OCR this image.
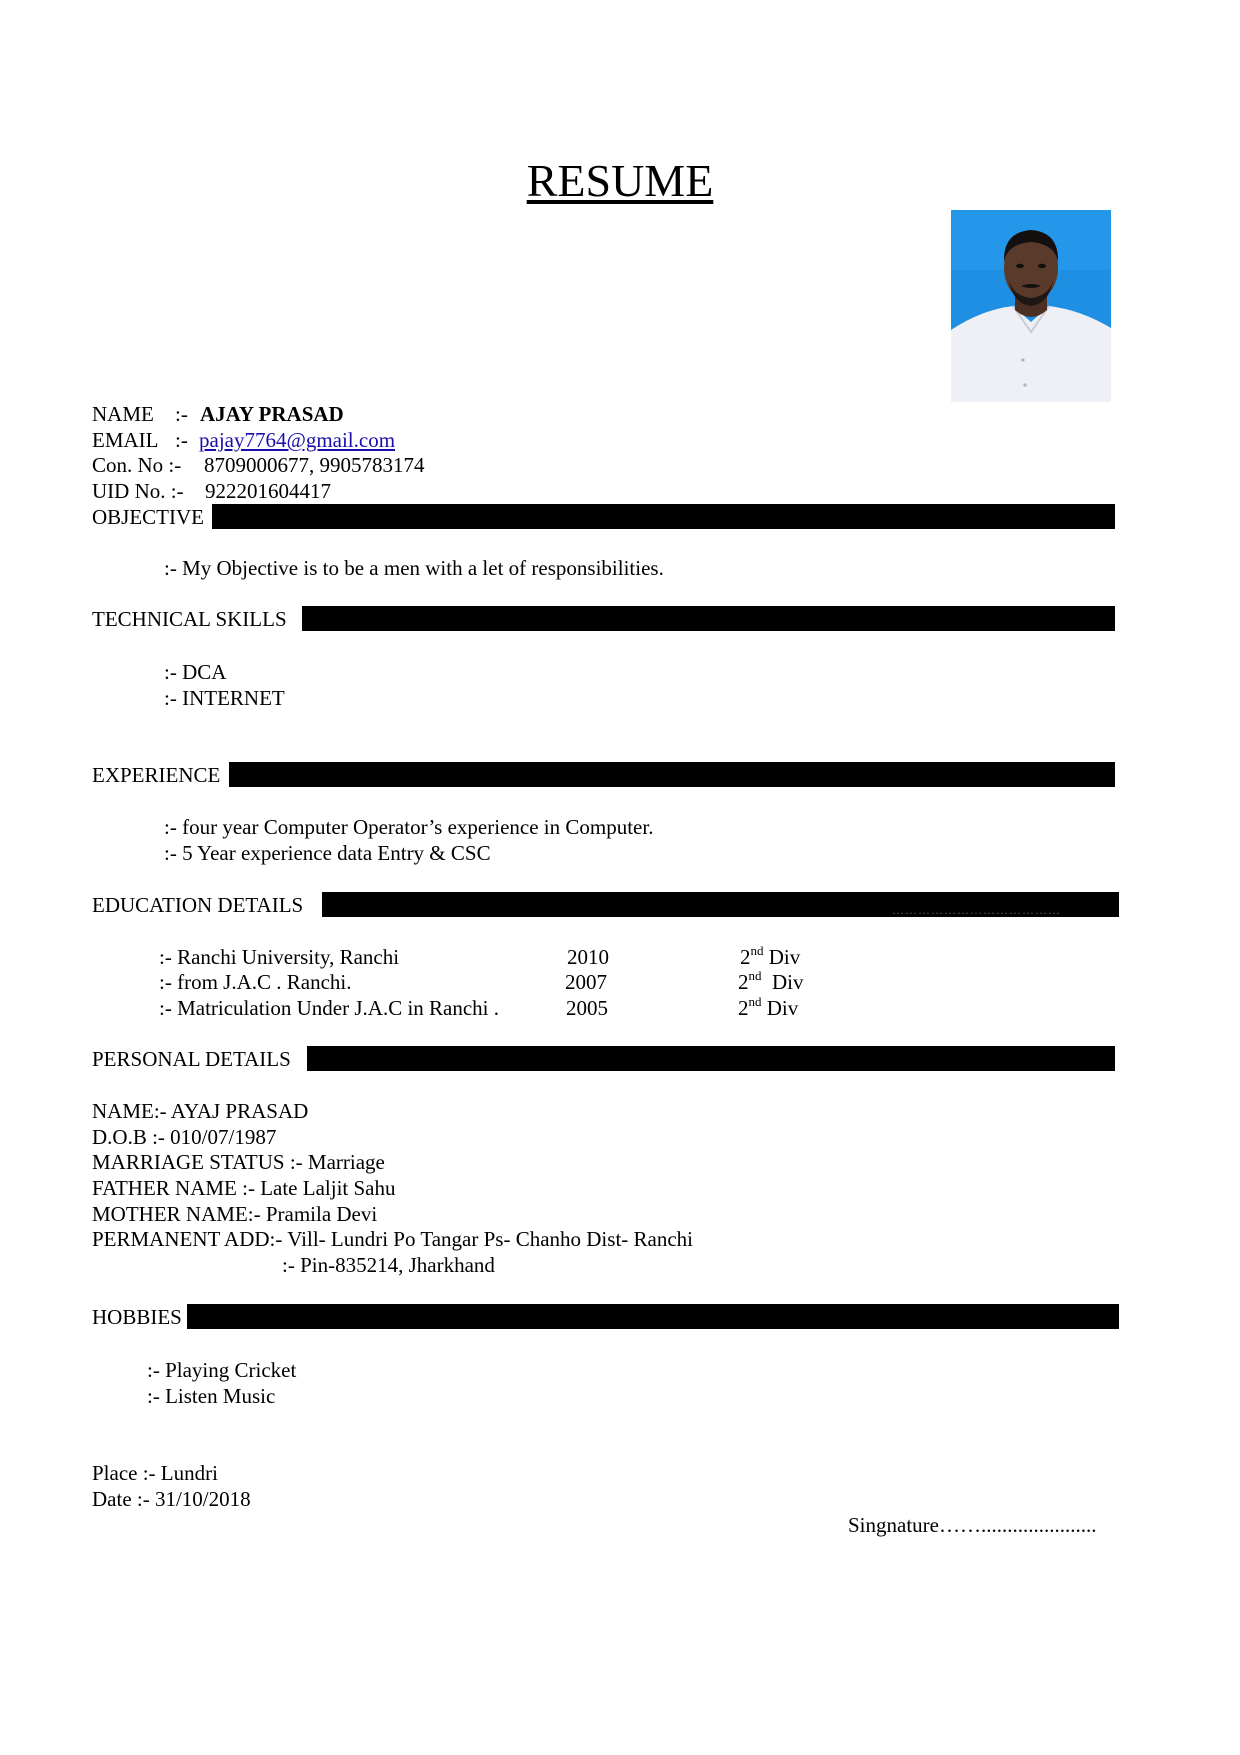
RESUME
NAME :- AJAY PRASAD
EMAIL :- pajay7764@gmail.com
Con. No :- 8709000677, 9905783174
UID No. :- 922201604417
OBJECTIVE
:- My Objective is to be a men with a let of responsibilities.
TECHNICAL SKILLS
:- DCA
:- INTERNET
EXPERIENCE
:- four year Computer Operator’s experience in Computer.
:- 5 Year experience data Entry & CSC
EDUCATION DETAILS	…………………………………
:- Ranchi University, Ranchi	2010	2nd Div
:- from J.A.C . Ranchi.	2007	2nd Div
:- Matriculation Under J.A.C in Ranchi .	2005	2nd Div
PERSONAL DETAILS
NAME:- AYAJ PRASAD
D.O.B :- 010/07/1987
MARRIAGE STATUS :- Marriage
FATHER NAME :- Late Laljit Sahu
MOTHER NAME:- Pramila Devi
PERMANENT ADD:- Vill- Lundri Po Tangar Ps- Chanho Dist- Ranchi
:- Pin-835214, Jharkhand
HOBBIES
:- Playing Cricket
:- Listen Music
Place :- Lundri
Date :- 31/10/2018
Singnature……......................
